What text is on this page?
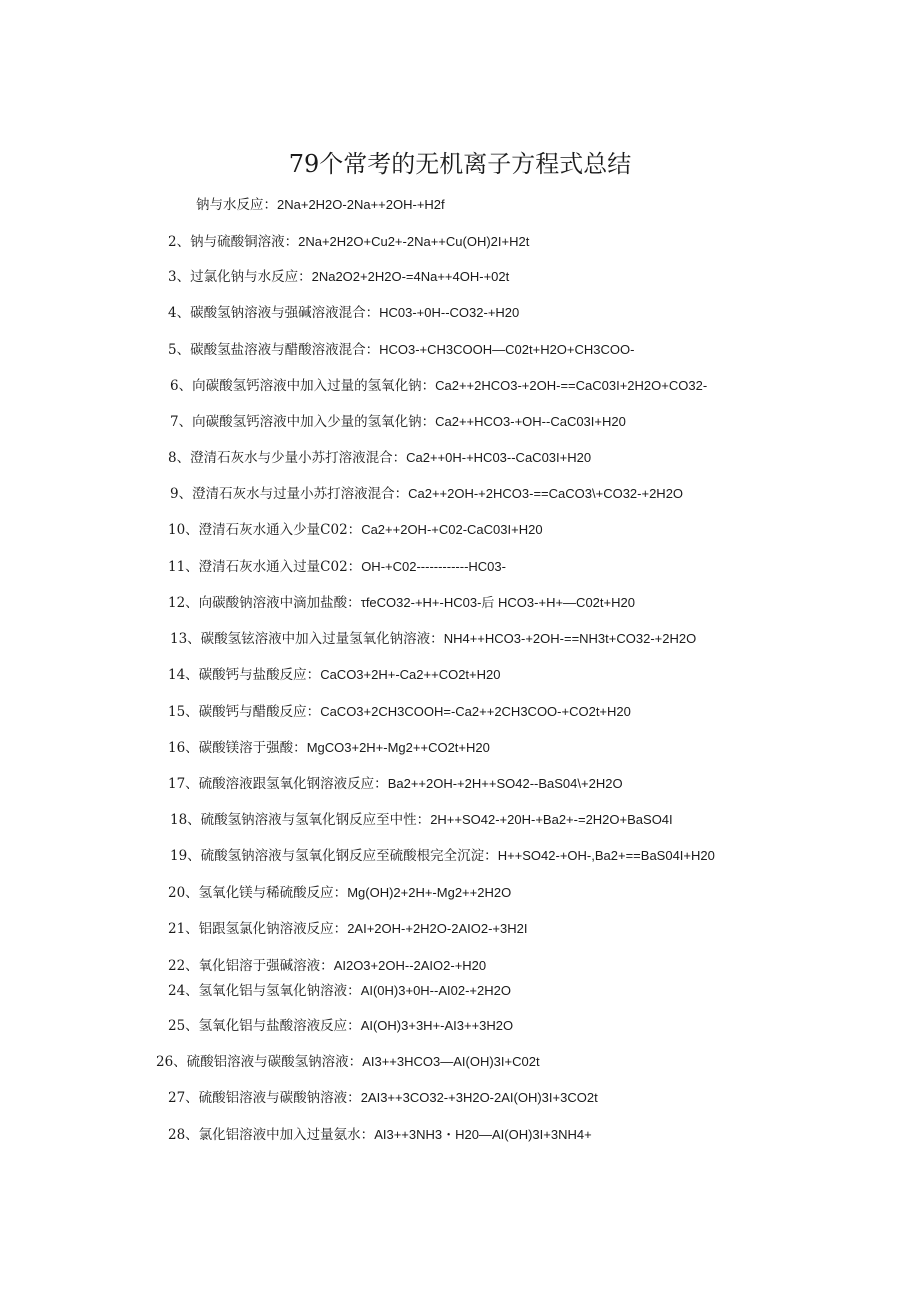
79个常考的无机离子方程式总结
钠与水反应：2Na+2H2O-2Na++2OH-+H2f
2、钠与硫酸铜溶液：2Na+2H2O+Cu2+-2Na++Cu(OH)2I+H2t
3、过氯化钠与水反应：2Na2O2+2H2O-=4Na++4OH-+02t
4、碳酸氢钠溶液与强碱溶液混合：HC03-+0H--CO32-+H20
5、碳酸氢盐溶液与醋酸溶液混合：HCO3-+CH3COOH—C02t+H2O+CH3COO-
6、向碳酸氢钙溶液中加入过量的氢氧化钠：Ca2++2HCO3-+2OH-==CaC03I+2H2O+CO32-
7、向碳酸氢钙溶液中加入少量的氢氧化钠：Ca2++HCO3-+OH--CaC03I+H20
8、澄清石灰水与少量小苏打溶液混合：Ca2++0H-+HC03--CaC03I+H20
9、澄清石灰水与过量小苏打溶液混合：Ca2++2OH-+2HCO3-==CaCO3\+CO32-+2H2O
10、澄清石灰水通入少量C02：Ca2++2OH-+C02-CaC03I+H20
11、澄清石灰水通入过量C02：OH-+C02------------HC03-
12、向碳酸钠溶液中滴加盐酸：τfeCO32-+H+-HC03-后 HCO3-+H+—C02t+H20
13、碳酸氢铉溶液中加入过量氢氧化钠溶液：NH4++HCO3-+2OH-==NH3t+CO32-+2H2O
14、碳酸钙与盐酸反应：CaCO3+2H+-Ca2++CO2t+H20
15、碳酸钙与醋酸反应：CaCO3+2CH3COOH=-Ca2++2CH3COO-+CO2t+H20
16、碳酸镁溶于强酸：MgCO3+2H+-Mg2++CO2t+H20
17、硫酸溶液跟氢氧化钢溶液反应：Ba2++2OH-+2H++SO42--BaS04\+2H2O
18、硫酸氢钠溶液与氢氧化钢反应至中性：2H++SO42-+20H-+Ba2+-=2H2O+BaSO4I
19、硫酸氢钠溶液与氢氧化钢反应至硫酸根完全沉淀：H++SO42-+OH-,Ba2+==BaS04I+H20
20、氢氧化镁与稀硫酸反应：Mg(OH)2+2H+-Mg2++2H2O
21、铝跟氢氯化钠溶液反应：2AI+2OH-+2H2O-2AIO2-+3H2I
22、氧化铝溶于强碱溶液：AI2O3+2OH--2AIO2-+H20
24、氢氧化铝与氢氧化钠溶液：AI(0H)3+0H--AI02-+2H2O
25、氢氧化铝与盐酸溶液反应：AI(OH)3+3H+-AI3++3H2O
26、硫酸铝溶液与碳酸氢钠溶液：AI3++3HCO3—AI(OH)3I+C02t
27、硫酸铝溶液与碳酸钠溶液：2AI3++3CO32-+3H2O-2AI(OH)3I+3CO2t
28、氯化铝溶液中加入过量氨水：AI3++3NH3・H20—AI(OH)3I+3NH4+
